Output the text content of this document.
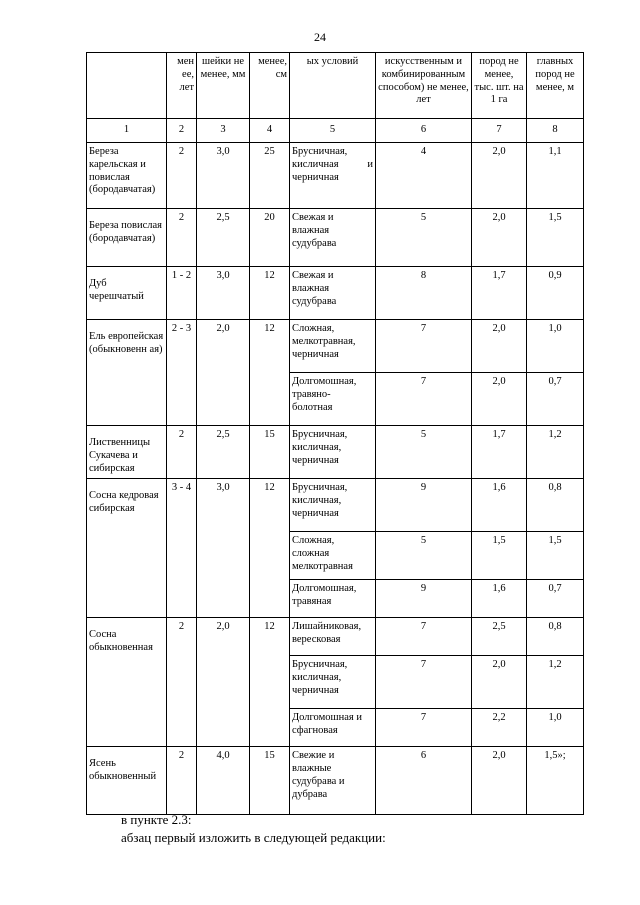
24
	мен ее, лет	шейки не менее, мм	менее, см	ых условий	искусственным и комбинированным способом) не менее, лет	пород не менее, тыс. шт. на 1 га	главных пород не менее, м
1	2	3	4	5	6	7	8
Береза карельская и повислая (бородавчатая)	2	3,0	25	Брусничная, кисличная и черничная	4	2,0	1,1
Береза повислая (бородавчатая)	2	2,5	20	Свежая и влажная судубрава	5	2,0	1,5
Дуб черешчатый	1 - 2	3,0	12	Свежая и влажная судубрава	8	1,7	0,9
Ель европейская (обыкновенн ая)	2 - 3	2,0	12	Сложная, мелкотравная, черничная	7	2,0	1,0
				Долгомошная, травяно- болотная	7	2,0	0,7
Лиственницы Сукачева и сибирская	2	2,5	15	Брусничная, кисличная, черничная	5	1,7	1,2
Сосна кедровая сибирская	3 - 4	3,0	12	Брусничная, кисличная, черничная	9	1,6	0,8
				Сложная, сложная мелкотравная	5	1,5	1,5
				Долгомошная, травяная	9	1,6	0,7
Сосна обыкновенная	2	2,0	12	Лишайниковая, вересковая	7	2,5	0,8
				Брусничная, кисличная, черничная	7	2,0	1,2
				Долгомошная и сфагновая	7	2,2	1,0
Ясень обыкновенный	2	4,0	15	Свежие и влажные судубрава и дубрава	6	2,0	1,5»;
в пункте 2.3:
абзац первый изложить в следующей редакции:
